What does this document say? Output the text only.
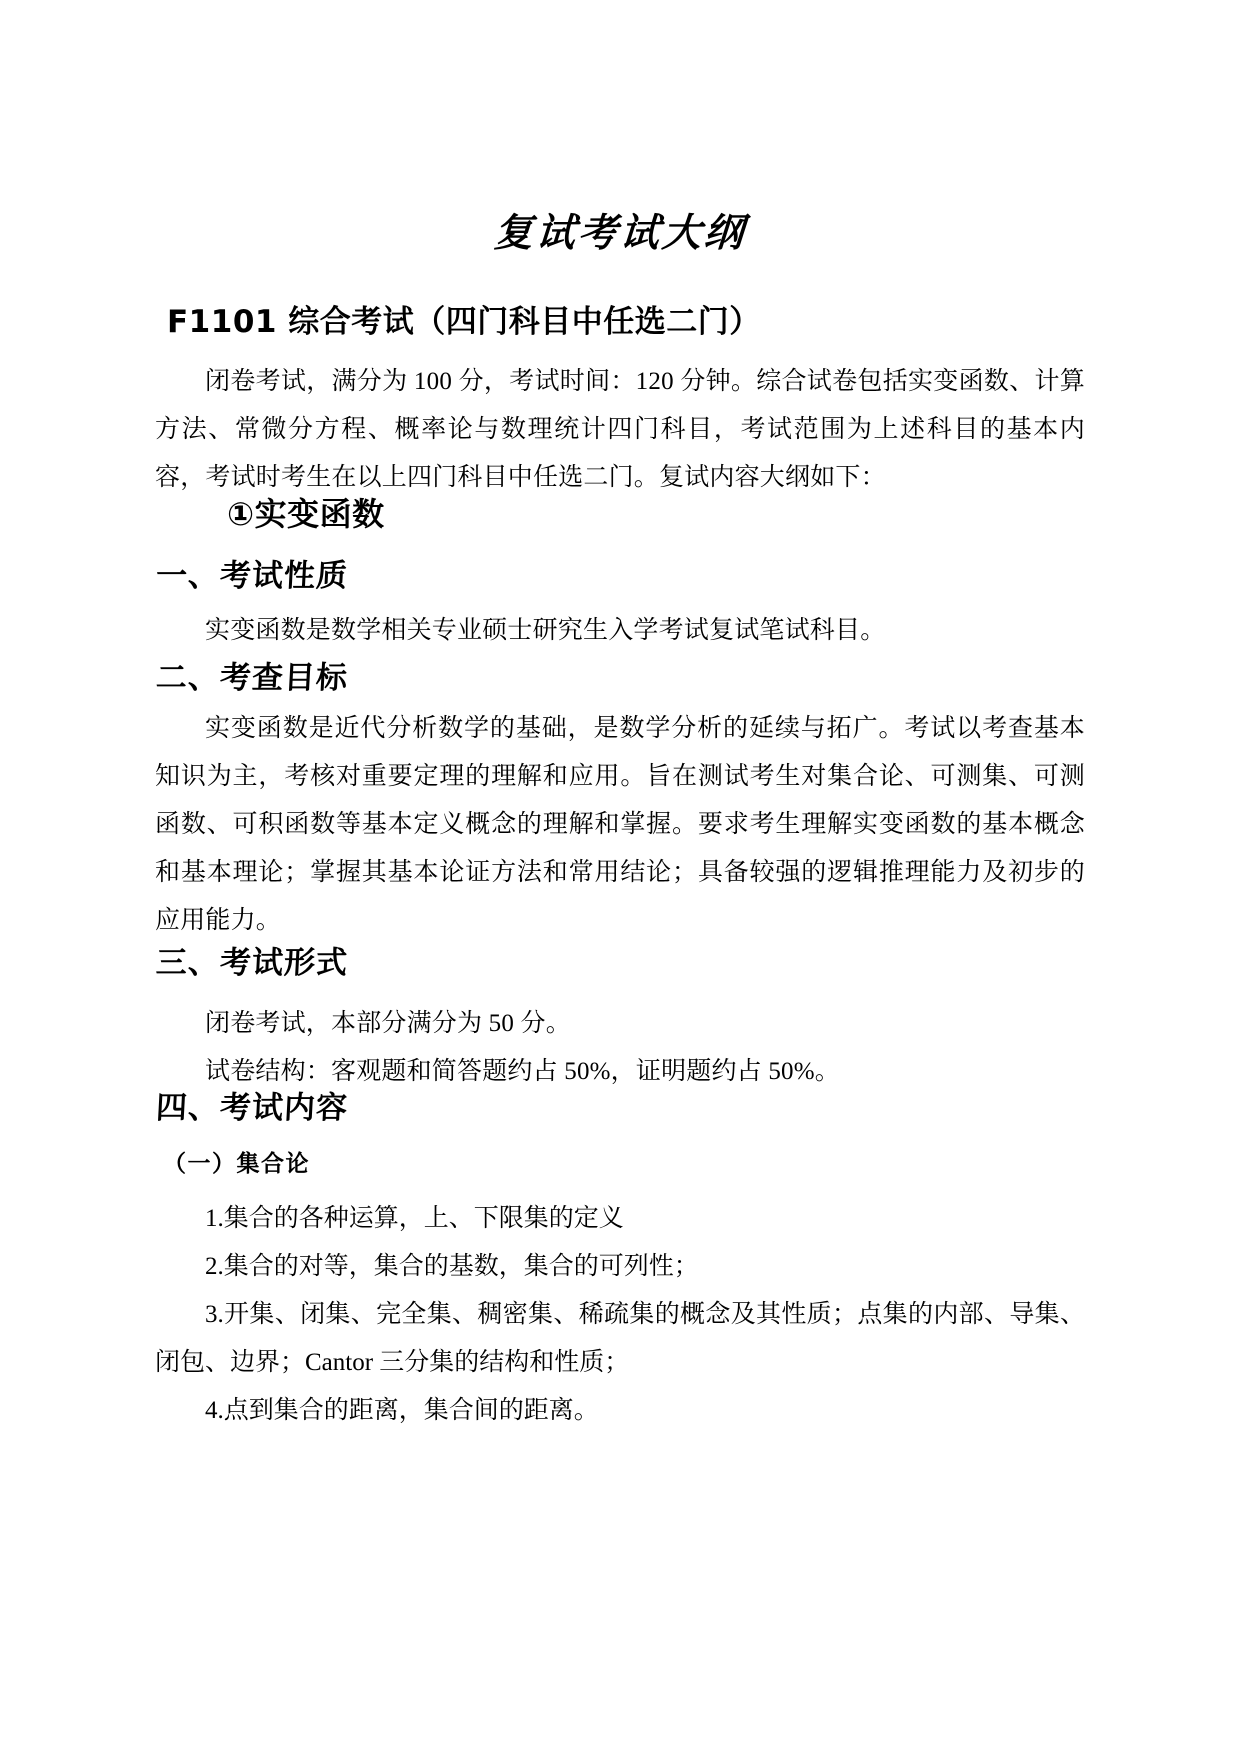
复试考试大纲
F1101 综合考试（四门科目中任选二门）

闭卷考试，满分为 100 分，考试时间：120 分钟。综合试卷包括实变函数、计算方法、常微分方程、概率论与数理统计四门科目，考试范围为上述科目的基本内容，考试时考生在以上四门科目中任选二门。复试内容大纲如下：

①实变函数
一、考试性质

实变函数是数学相关专业硕士研究生入学考试复试笔试科目。

二、考查目标

实变函数是近代分析数学的基础，是数学分析的延续与拓广。考试以考查基本知识为主，考核对重要定理的理解和应用。旨在测试考生对集合论、可测集、可测函数、可积函数等基本定义概念的理解和掌握。要求考生理解实变函数的基本概念和基本理论；掌握其基本论证方法和常用结论；具备较强的逻辑推理能力及初步的应用能力。

三、考试形式

闭卷考试，本部分满分为 50 分。

试卷结构：客观题和简答题约占 50%，证明题约占 50%。

四、考试内容
（一）集合论

1.集合的各种运算，上、下限集的定义

2.集合的对等，集合的基数，集合的可列性；

3.开集、闭集、完全集、稠密集、稀疏集的概念及其性质；点集的内部、导集、闭包、边界；Cantor 三分集的结构和性质；

4.点到集合的距离，集合间的距离。
